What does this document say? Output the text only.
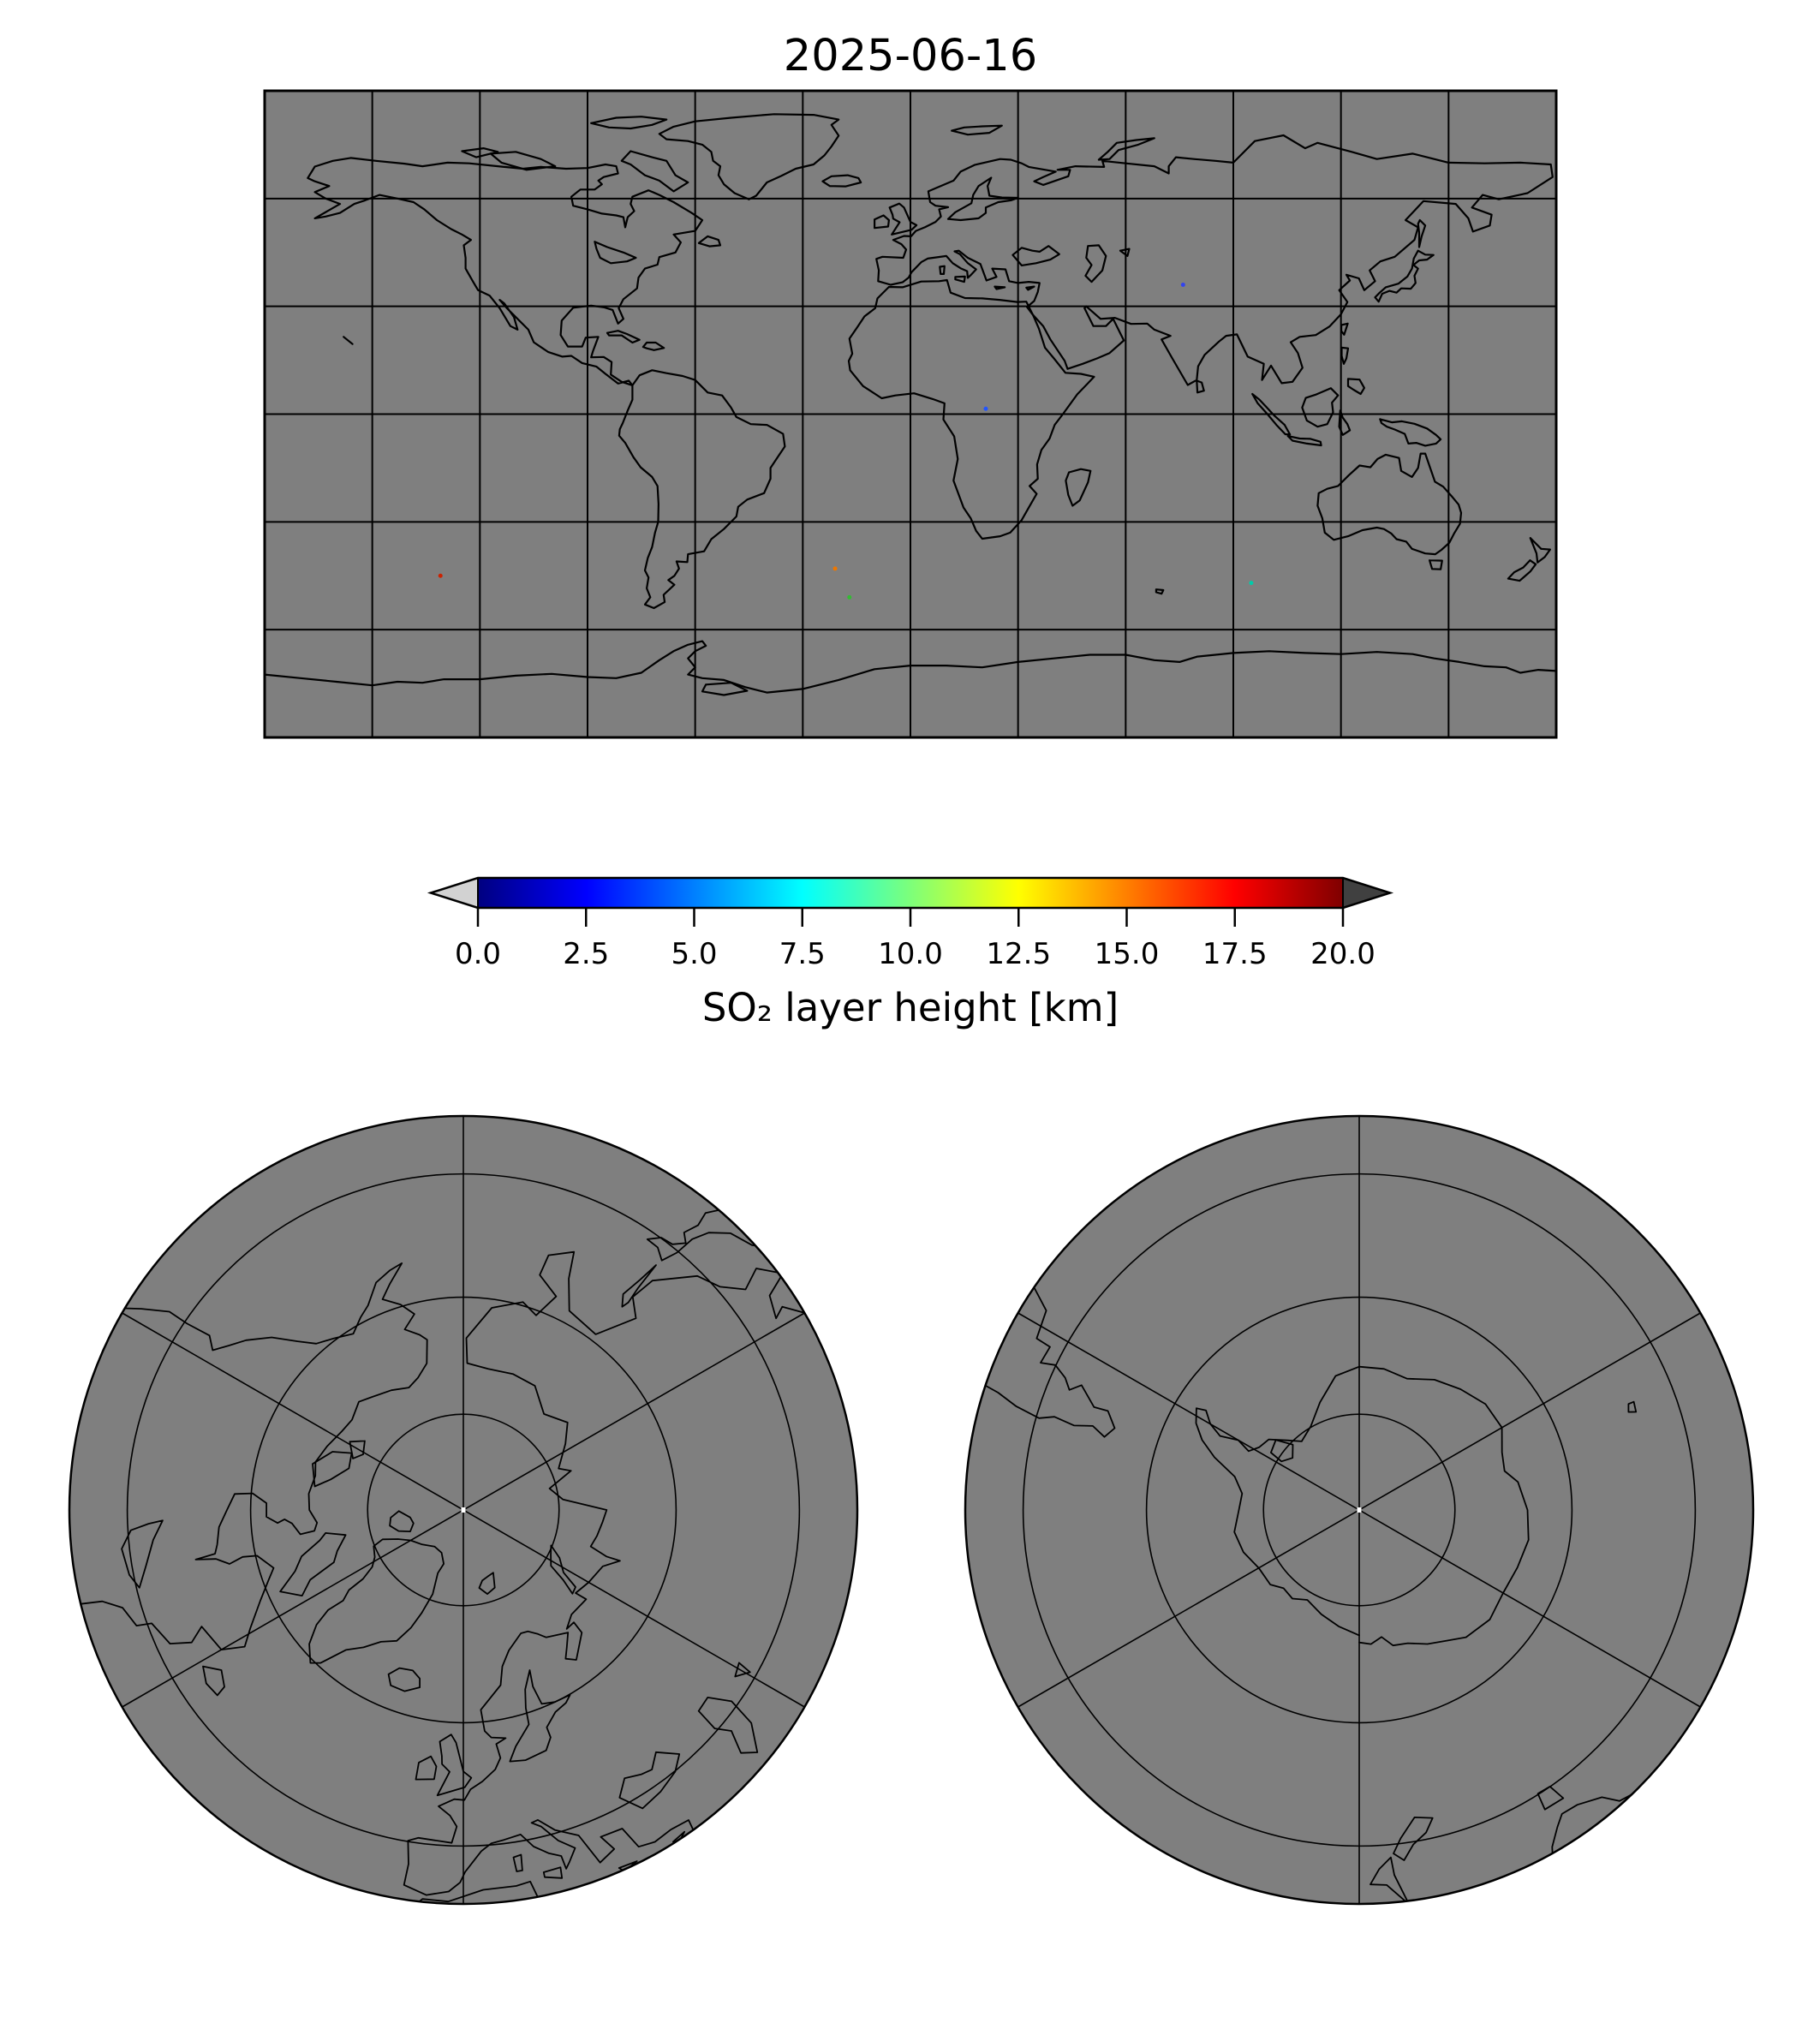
2025-06-16
0.0 2.5 5.0 7.5 10.0 12.5 15.0 17.5 20.0
SO₂ layer height [km]
